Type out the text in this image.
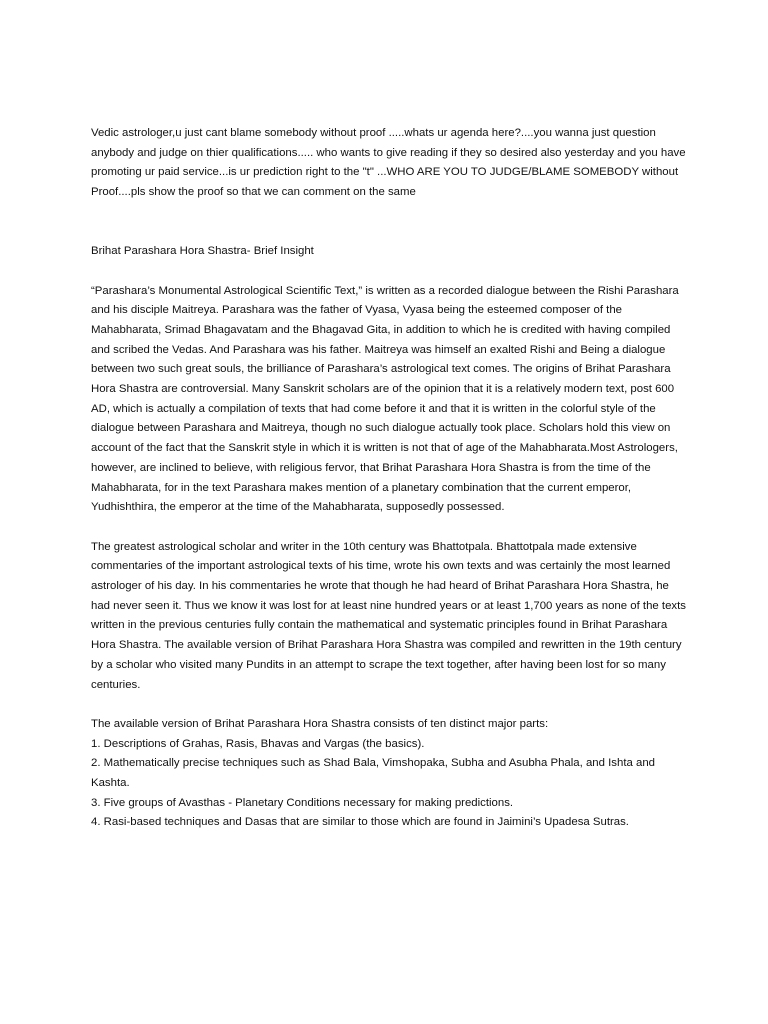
Vedic astrologer,u just cant blame somebody without proof .....whats ur agenda here?....you wanna just question anybody and judge on thier qualifications..... who wants to give reading if they so desired also yesterday and you have promoting ur paid service...is ur prediction right to the "t" ...WHO ARE YOU TO JUDGE/BLAME SOMEBODY without Proof....pls show the proof so that we can comment on the same

Brihat Parashara Hora Shastra- Brief Insight

“Parashara’s Monumental Astrological Scientific Text,” is written as a recorded dialogue between the Rishi Parashara and his disciple Maitreya. Parashara was the father of Vyasa, Vyasa being the esteemed composer of the Mahabharata, Srimad Bhagavatam and the Bhagavad Gita, in addition to which he is credited with having compiled and scribed the Vedas. And Parashara was his father. Maitreya was himself an exalted Rishi and Being a dialogue between two such great souls, the brilliance of Parashara’s astrological text comes. The origins of Brihat Parashara Hora Shastra are controversial. Many Sanskrit scholars are of the opinion that it is a relatively modern text, post 600 AD, which is actually a compilation of texts that had come before it and that it is written in the colorful style of the dialogue between Parashara and Maitreya, though no such dialogue actually took place. Scholars hold this view on account of the fact that the Sanskrit style in which it is written is not that of age of the Mahabharata.Most Astrologers, however, are inclined to believe, with religious fervor, that Brihat Parashara Hora Shastra is from the time of the Mahabharata, for in the text Parashara makes mention of a planetary combination that the current emperor, Yudhishthira, the emperor at the time of the Mahabharata, supposedly possessed.

The greatest astrological scholar and writer in the 10th century was Bhattotpala. Bhattotpala made extensive commentaries of the important astrological texts of his time, wrote his own texts and was certainly the most learned astrologer of his day. In his commentaries he wrote that though he had heard of Brihat Parashara Hora Shastra, he had never seen it. Thus we know it was lost for at least nine hundred years or at least 1,700 years as none of the texts written in the previous centuries fully contain the mathematical and systematic principles found in Brihat Parashara Hora Shastra. The available version of Brihat Parashara Hora Shastra was compiled and rewritten in the 19th century by a scholar who visited many Pundits in an attempt to scrape the text together, after having been lost for so many centuries.

The available version of Brihat Parashara Hora Shastra consists of ten distinct major parts:

1. Descriptions of Grahas, Rasis, Bhavas and Vargas (the basics).
2. Mathematically precise techniques such as Shad Bala, Vimshopaka, Subha and Asubha Phala, and Ishta and Kashta.
3. Five groups of Avasthas - Planetary Conditions necessary for making predictions.
4. Rasi-based techniques and Dasas that are similar to those which are found in Jaimini’s Upadesa Sutras.
